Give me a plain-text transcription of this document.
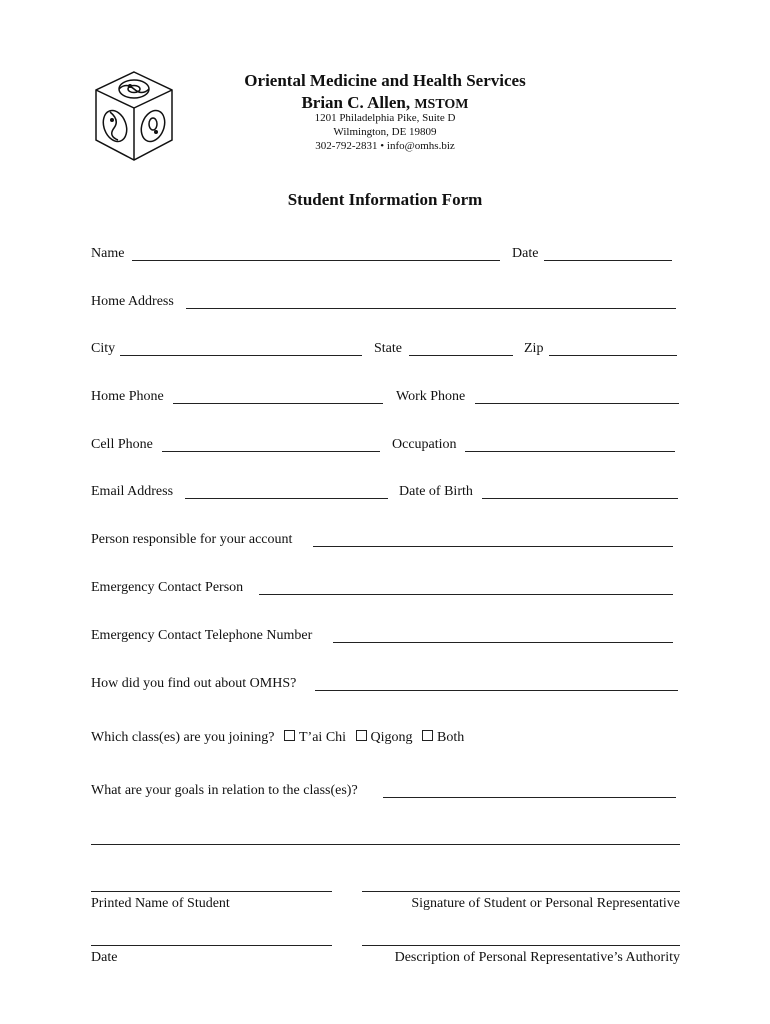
Oriental Medicine and Health Services
Brian C. Allen, MSTOM
1201 Philadelphia Pike, Suite D
Wilmington, DE 19809
302-792-2831 • info@omhs.biz
Student Information Form
Name	Date
Home Address
City	State	Zip
Home Phone	Work Phone
Cell Phone	Occupation
Email Address	Date of Birth
Person responsible for your account
Emergency Contact Person
Emergency Contact Telephone Number
How did you find out about OMHS?
Which class(es) are you joining? T’ai Chi Qigong Both
What are your goals in relation to the class(es)?
Printed Name of Student	Signature of Student or Personal Representative
Date	Description of Personal Representative’s Authority
